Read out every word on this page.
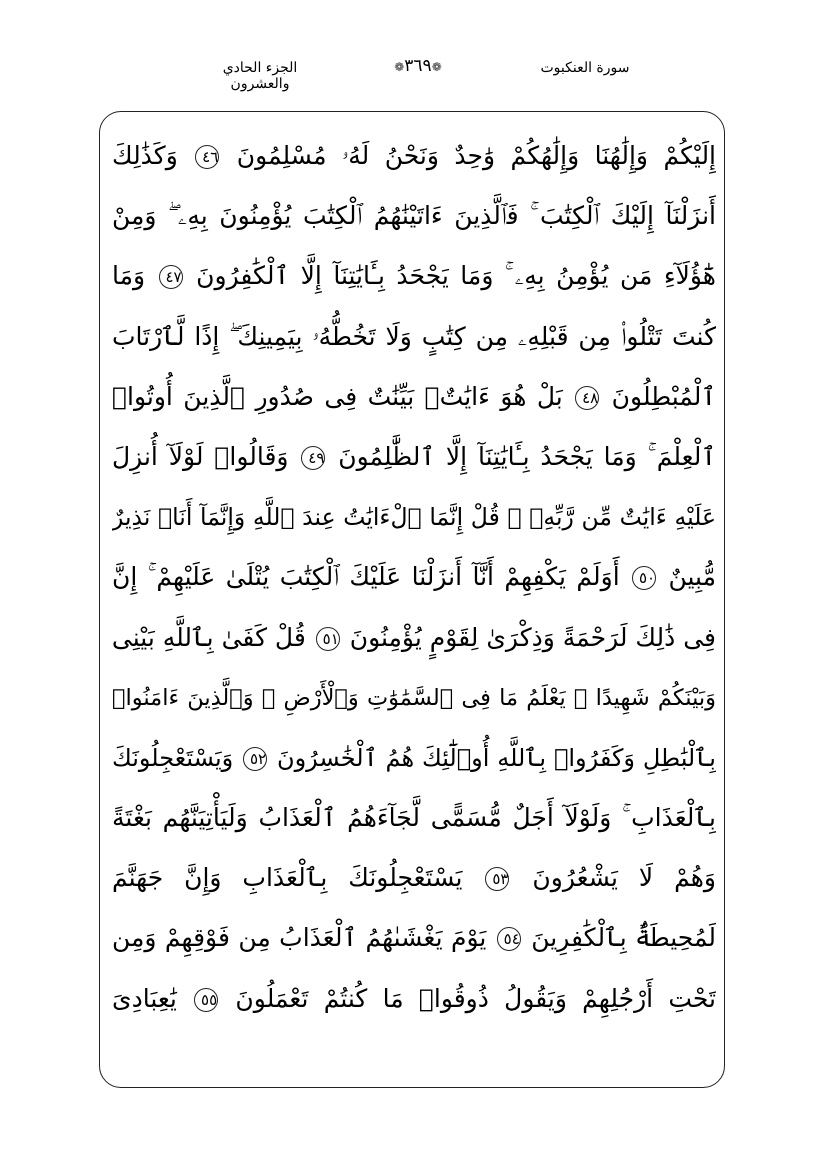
الجزء الحادي والعشرون
❁٣٦٩❁	سورة العنكبوت
إِلَيْكُمْ وَإِلَٰهُنَا وَإِلَٰهُكُمْ وَٰحِدٌ وَنَحْنُ لَهُۥ مُسْلِمُونَ ٤٦ وَكَذَٰلِكَ
أَنزَلْنَآ إِلَيْكَ ٱلْكِتَٰبَ ۚ فَٱلَّذِينَ ءَاتَيْنَٰهُمُ ٱلْكِتَٰبَ يُؤْمِنُونَ بِهِۦ ۖ وَمِنْ
هَٰٓؤُلَآءِ مَن يُؤْمِنُ بِهِۦ ۚ وَمَا يَجْحَدُ بِـَٔايَٰتِنَآ إِلَّا ٱلْكَٰفِرُونَ ٤٧ وَمَا
كُنتَ تَتْلُوا۟ مِن قَبْلِهِۦ مِن كِتَٰبٍ وَلَا تَخُطُّهُۥ بِيَمِينِكَ ۖ إِذًا لَّٱرْتَابَ
ٱلْمُبْطِلُونَ ٤٨ بَلْ هُوَ ءَايَٰتٌۢ بَيِّنَٰتٌ فِى صُدُورِ ٱلَّذِينَ أُوتُوا۟
ٱلْعِلْمَ ۚ وَمَا يَجْحَدُ بِـَٔايَٰتِنَآ إِلَّا ٱلظَّٰلِمُونَ ٤٩ وَقَالُوا۟ لَوْلَآ أُنزِلَ
عَلَيْهِ ءَايَٰتٌ مِّن رَّبِّهِۦ ۖ قُلْ إِنَّمَا ٱلْءَايَٰتُ عِندَ ٱللَّهِ وَإِنَّمَآ أَنَا۠ نَذِيرٌ
مُّبِينٌ ٥٠ أَوَلَمْ يَكْفِهِمْ أَنَّآ أَنزَلْنَا عَلَيْكَ ٱلْكِتَٰبَ يُتْلَىٰ عَلَيْهِمْ ۚ إِنَّ
فِى ذَٰلِكَ لَرَحْمَةً وَذِكْرَىٰ لِقَوْمٍ يُؤْمِنُونَ ٥١ قُلْ كَفَىٰ بِٱللَّهِ بَيْنِى
وَبَيْنَكُمْ شَهِيدًا ۖ يَعْلَمُ مَا فِى ٱلسَّمَٰوَٰتِ وَٱلْأَرْضِ ۗ وَٱلَّذِينَ ءَامَنُوا۟
بِٱلْبَٰطِلِ وَكَفَرُوا۟ بِٱللَّهِ أُو۟لَٰٓئِكَ هُمُ ٱلْخَٰسِرُونَ ٥٢ وَيَسْتَعْجِلُونَكَ
بِٱلْعَذَابِ ۚ وَلَوْلَآ أَجَلٌ مُّسَمًّى لَّجَآءَهُمُ ٱلْعَذَابُ وَلَيَأْتِيَنَّهُم بَغْتَةً
وَهُمْ لَا يَشْعُرُونَ ٥٣ يَسْتَعْجِلُونَكَ بِٱلْعَذَابِ وَإِنَّ جَهَنَّمَ
لَمُحِيطَةٌۢ بِٱلْكَٰفِرِينَ ٥٤ يَوْمَ يَغْشَىٰهُمُ ٱلْعَذَابُ مِن فَوْقِهِمْ وَمِن
تَحْتِ أَرْجُلِهِمْ وَيَقُولُ ذُوقُوا۟ مَا كُنتُمْ تَعْمَلُونَ ٥٥ يَٰعِبَادِىَ
